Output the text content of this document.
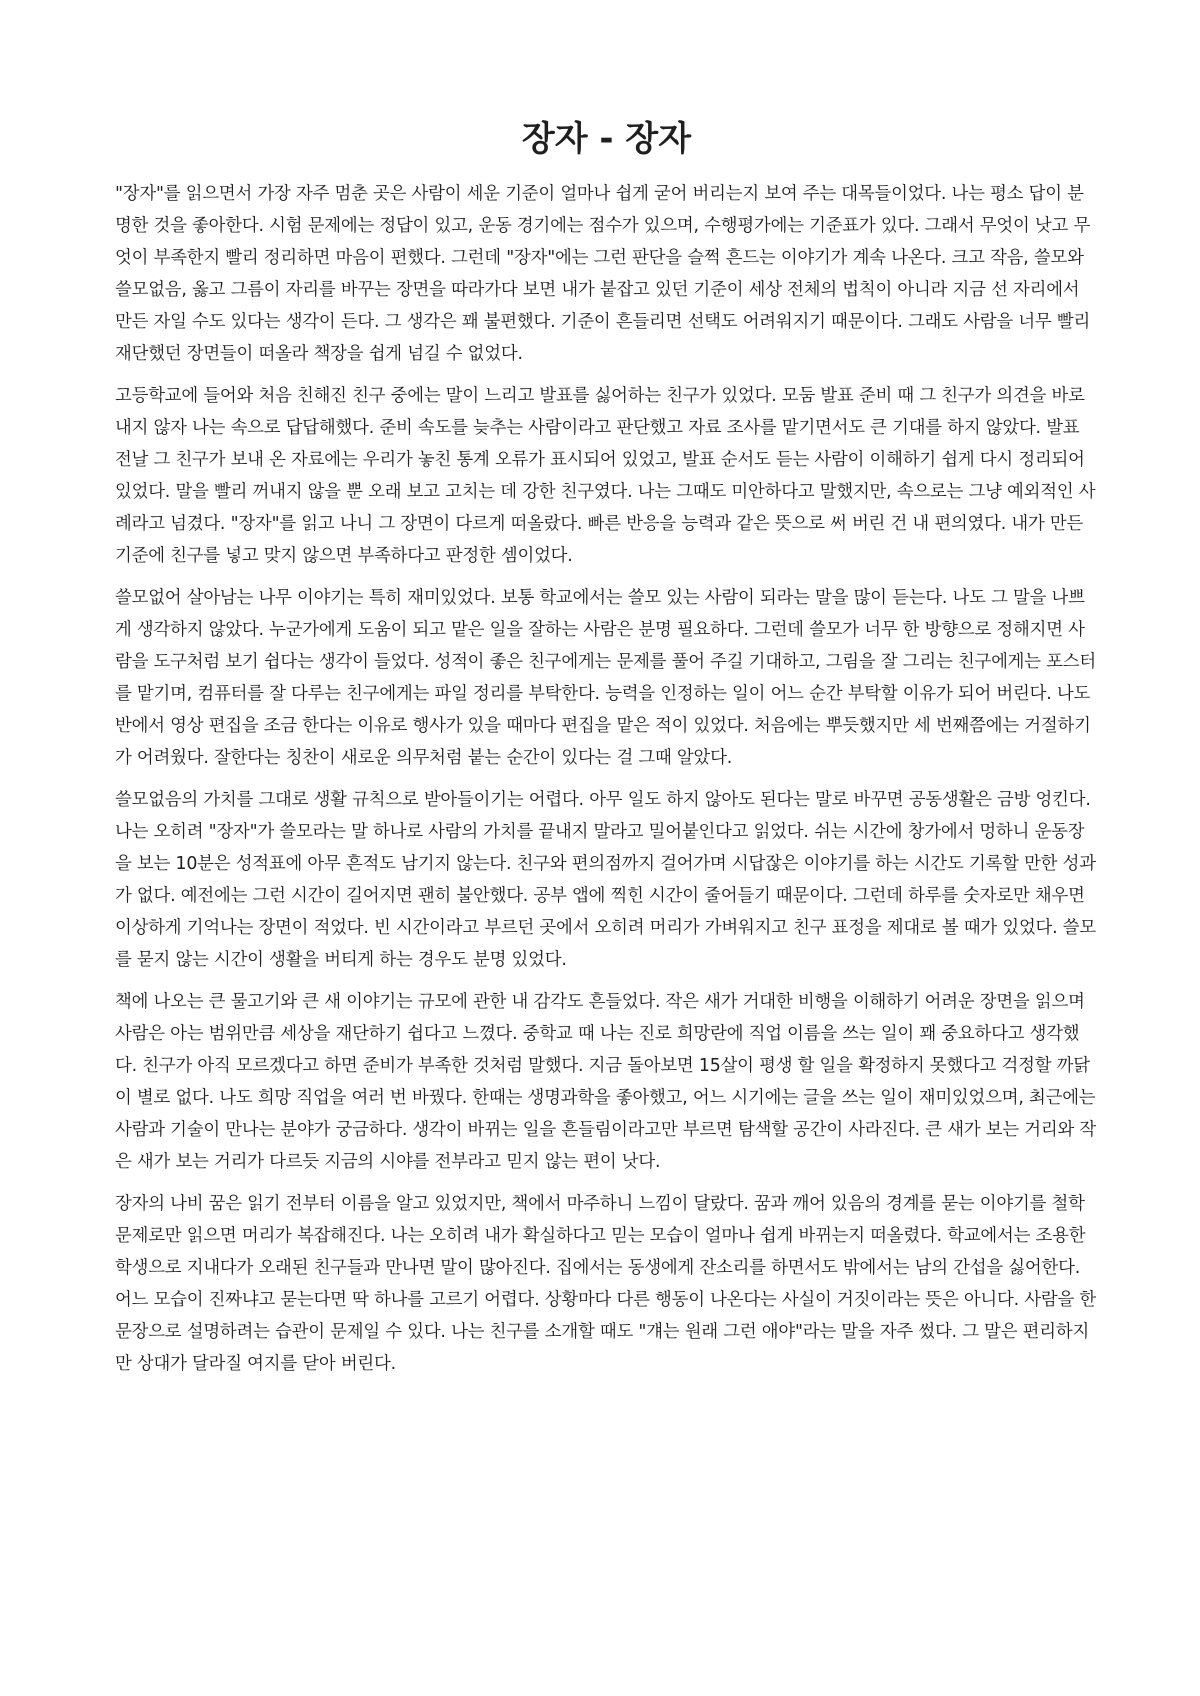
장자 - 장자

"장자"를 읽으면서 가장 자주 멈춘 곳은 사람이 세운 기준이 얼마나 쉽게 굳어 버리는지 보여 주는 대목들이었다. 나는 평소 답이 분명한 것을 좋아한다. 시험 문제에는 정답이 있고, 운동 경기에는 점수가 있으며, 수행평가에는 기준표가 있다. 그래서 무엇이 낫고 무엇이 부족한지 빨리 정리하면 마음이 편했다. 그런데 "장자"에는 그런 판단을 슬쩍 흔드는 이야기가 계속 나온다. 크고 작음, 쓸모와 쓸모없음, 옳고 그름이 자리를 바꾸는 장면을 따라가다 보면 내가 붙잡고 있던 기준이 세상 전체의 법칙이 아니라 지금 선 자리에서 만든 자일 수도 있다는 생각이 든다. 그 생각은 꽤 불편했다. 기준이 흔들리면 선택도 어려워지기 때문이다. 그래도 사람을 너무 빨리 재단했던 장면들이 떠올라 책장을 쉽게 넘길 수 없었다.

고등학교에 들어와 처음 친해진 친구 중에는 말이 느리고 발표를 싫어하는 친구가 있었다. 모둠 발표 준비 때 그 친구가 의견을 바로 내지 않자 나는 속으로 답답해했다. 준비 속도를 늦추는 사람이라고 판단했고 자료 조사를 맡기면서도 큰 기대를 하지 않았다. 발표 전날 그 친구가 보내 온 자료에는 우리가 놓친 통계 오류가 표시되어 있었고, 발표 순서도 듣는 사람이 이해하기 쉽게 다시 정리되어 있었다. 말을 빨리 꺼내지 않을 뿐 오래 보고 고치는 데 강한 친구였다. 나는 그때도 미안하다고 말했지만, 속으로는 그냥 예외적인 사례라고 넘겼다. "장자"를 읽고 나니 그 장면이 다르게 떠올랐다. 빠른 반응을 능력과 같은 뜻으로 써 버린 건 내 편의였다. 내가 만든 기준에 친구를 넣고 맞지 않으면 부족하다고 판정한 셈이었다.

쓸모없어 살아남는 나무 이야기는 특히 재미있었다. 보통 학교에서는 쓸모 있는 사람이 되라는 말을 많이 듣는다. 나도 그 말을 나쁘게 생각하지 않았다. 누군가에게 도움이 되고 맡은 일을 잘하는 사람은 분명 필요하다. 그런데 쓸모가 너무 한 방향으로 정해지면 사람을 도구처럼 보기 쉽다는 생각이 들었다. 성적이 좋은 친구에게는 문제를 풀어 주길 기대하고, 그림을 잘 그리는 친구에게는 포스터를 맡기며, 컴퓨터를 잘 다루는 친구에게는 파일 정리를 부탁한다. 능력을 인정하는 일이 어느 순간 부탁할 이유가 되어 버린다. 나도 반에서 영상 편집을 조금 한다는 이유로 행사가 있을 때마다 편집을 맡은 적이 있었다. 처음에는 뿌듯했지만 세 번째쯤에는 거절하기가 어려웠다. 잘한다는 칭찬이 새로운 의무처럼 붙는 순간이 있다는 걸 그때 알았다.

쓸모없음의 가치를 그대로 생활 규칙으로 받아들이기는 어렵다. 아무 일도 하지 않아도 된다는 말로 바꾸면 공동생활은 금방 엉킨다. 나는 오히려 "장자"가 쓸모라는 말 하나로 사람의 가치를 끝내지 말라고 밀어붙인다고 읽었다. 쉬는 시간에 창가에서 멍하니 운동장을 보는 10분은 성적표에 아무 흔적도 남기지 않는다. 친구와 편의점까지 걸어가며 시답잖은 이야기를 하는 시간도 기록할 만한 성과가 없다. 예전에는 그런 시간이 길어지면 괜히 불안했다. 공부 앱에 찍힌 시간이 줄어들기 때문이다. 그런데 하루를 숫자로만 채우면 이상하게 기억나는 장면이 적었다. 빈 시간이라고 부르던 곳에서 오히려 머리가 가벼워지고 친구 표정을 제대로 볼 때가 있었다. 쓸모를 묻지 않는 시간이 생활을 버티게 하는 경우도 분명 있었다.

책에 나오는 큰 물고기와 큰 새 이야기는 규모에 관한 내 감각도 흔들었다. 작은 새가 거대한 비행을 이해하기 어려운 장면을 읽으며 사람은 아는 범위만큼 세상을 재단하기 쉽다고 느꼈다. 중학교 때 나는 진로 희망란에 직업 이름을 쓰는 일이 꽤 중요하다고 생각했다. 친구가 아직 모르겠다고 하면 준비가 부족한 것처럼 말했다. 지금 돌아보면 15살이 평생 할 일을 확정하지 못했다고 걱정할 까닭이 별로 없다. 나도 희망 직업을 여러 번 바꿨다. 한때는 생명과학을 좋아했고, 어느 시기에는 글을 쓰는 일이 재미있었으며, 최근에는 사람과 기술이 만나는 분야가 궁금하다. 생각이 바뀌는 일을 흔들림이라고만 부르면 탐색할 공간이 사라진다. 큰 새가 보는 거리와 작은 새가 보는 거리가 다르듯 지금의 시야를 전부라고 믿지 않는 편이 낫다.

장자의 나비 꿈은 읽기 전부터 이름을 알고 있었지만, 책에서 마주하니 느낌이 달랐다. 꿈과 깨어 있음의 경계를 묻는 이야기를 철학 문제로만 읽으면 머리가 복잡해진다. 나는 오히려 내가 확실하다고 믿는 모습이 얼마나 쉽게 바뀌는지 떠올렸다. 학교에서는 조용한 학생으로 지내다가 오래된 친구들과 만나면 말이 많아진다. 집에서는 동생에게 잔소리를 하면서도 밖에서는 남의 간섭을 싫어한다. 어느 모습이 진짜냐고 묻는다면 딱 하나를 고르기 어렵다. 상황마다 다른 행동이 나온다는 사실이 거짓이라는 뜻은 아니다. 사람을 한 문장으로 설명하려는 습관이 문제일 수 있다. 나는 친구를 소개할 때도 "걔는 원래 그런 애야"라는 말을 자주 썼다. 그 말은 편리하지만 상대가 달라질 여지를 닫아 버린다.
